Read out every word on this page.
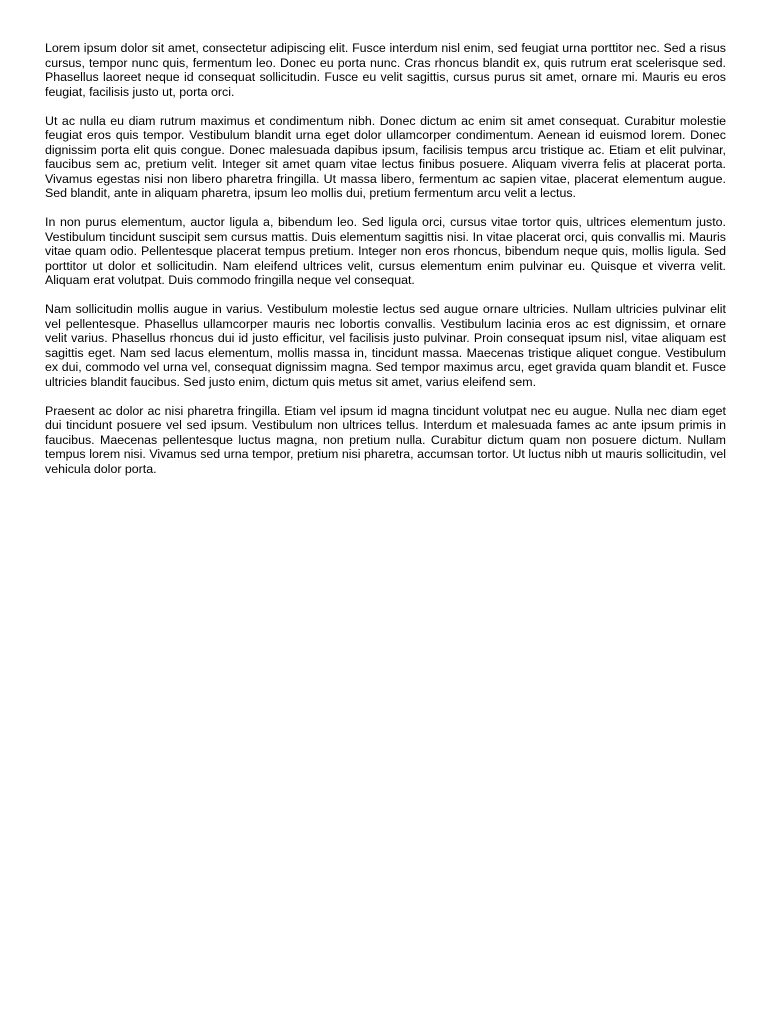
Lorem ipsum dolor sit amet, consectetur adipiscing elit. Fusce interdum nisl enim, sed feugiat urna porttitor nec. Sed a risus cursus, tempor nunc quis, fermentum leo. Donec eu porta nunc. Cras rhoncus blandit ex, quis rutrum erat scelerisque sed. Phasellus laoreet neque id consequat sollicitudin. Fusce eu velit sagittis, cursus purus sit amet, ornare mi. Mauris eu eros feugiat, facilisis justo ut, porta orci.

Ut ac nulla eu diam rutrum maximus et condimentum nibh. Donec dictum ac enim sit amet consequat. Curabitur molestie feugiat eros quis tempor. Vestibulum blandit urna eget dolor ullamcorper condimentum. Aenean id euismod lorem. Donec dignissim porta elit quis congue. Donec malesuada dapibus ipsum, facilisis tempus arcu tristique ac. Etiam et elit pulvinar, faucibus sem ac, pretium velit. Integer sit amet quam vitae lectus finibus posuere. Aliquam viverra felis at placerat porta. Vivamus egestas nisi non libero pharetra fringilla. Ut massa libero, fermentum ac sapien vitae, placerat elementum augue. Sed blandit, ante in aliquam pharetra, ipsum leo mollis dui, pretium fermentum arcu velit a lectus.

In non purus elementum, auctor ligula a, bibendum leo. Sed ligula orci, cursus vitae tortor quis, ultrices elementum justo. Vestibulum tincidunt suscipit sem cursus mattis. Duis elementum sagittis nisi. In vitae placerat orci, quis convallis mi. Mauris vitae quam odio. Pellentesque placerat tempus pretium. Integer non eros rhoncus, bibendum neque quis, mollis ligula. Sed porttitor ut dolor et sollicitudin. Nam eleifend ultrices velit, cursus elementum enim pulvinar eu. Quisque et viverra velit. Aliquam erat volutpat. Duis commodo fringilla neque vel consequat.

Nam sollicitudin mollis augue in varius. Vestibulum molestie lectus sed augue ornare ultricies. Nullam ultricies pulvinar elit vel pellentesque. Phasellus ullamcorper mauris nec lobortis convallis. Vestibulum lacinia eros ac est dignissim, et ornare velit varius. Phasellus rhoncus dui id justo efficitur, vel facilisis justo pulvinar. Proin consequat ipsum nisl, vitae aliquam est sagittis eget. Nam sed lacus elementum, mollis massa in, tincidunt massa. Maecenas tristique aliquet congue. Vestibulum ex dui, commodo vel urna vel, consequat dignissim magna. Sed tempor maximus arcu, eget gravida quam blandit et. Fusce ultricies blandit faucibus. Sed justo enim, dictum quis metus sit amet, varius eleifend sem.

Praesent ac dolor ac nisi pharetra fringilla. Etiam vel ipsum id magna tincidunt volutpat nec eu augue. Nulla nec diam eget dui tincidunt posuere vel sed ipsum. Vestibulum non ultrices tellus. Interdum et malesuada fames ac ante ipsum primis in faucibus. Maecenas pellentesque luctus magna, non pretium nulla. Curabitur dictum quam non posuere dictum. Nullam tempus lorem nisi. Vivamus sed urna tempor, pretium nisi pharetra, accumsan tortor. Ut luctus nibh ut mauris sollicitudin, vel vehicula dolor porta.
